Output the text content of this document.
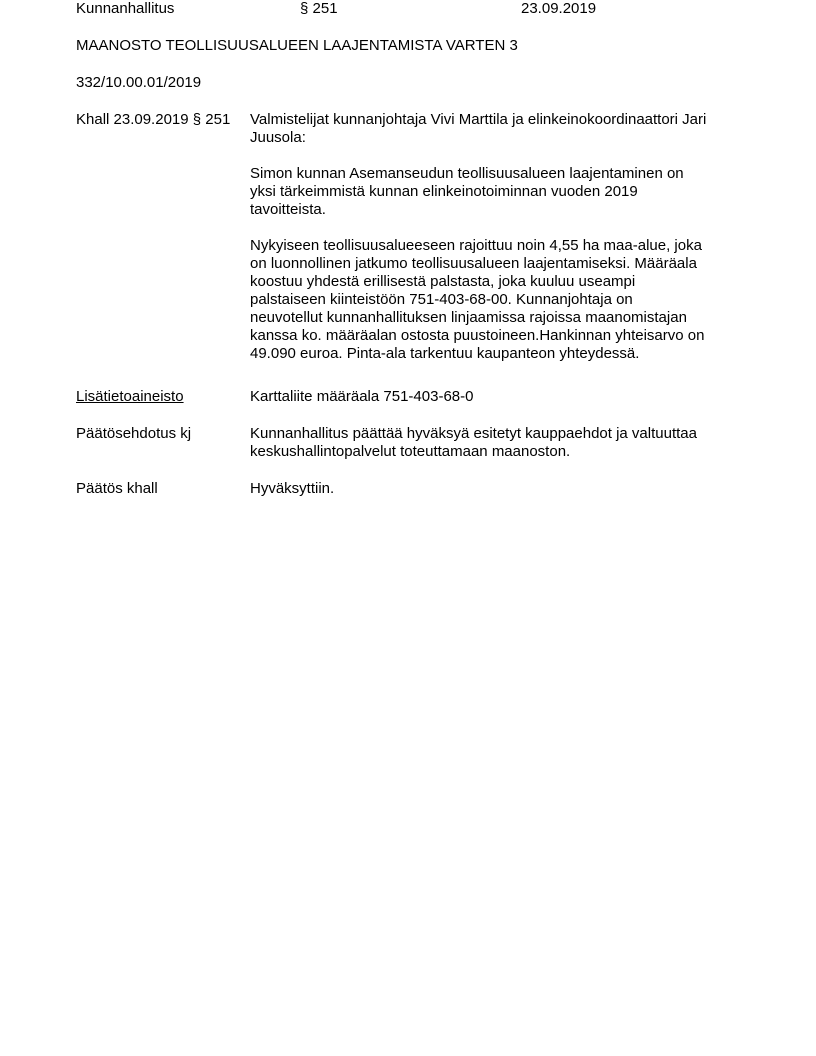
Kunnanhallitus	§ 251	23.09.2019
MAANOSTO TEOLLISUUSALUEEN LAAJENTAMISTA VARTEN 3
332/10.00.01/2019
Khall 23.09.2019 § 251	Valmistelijat kunnanjohtaja Vivi Marttila ja elinkeinokoordinaattori Jari

Juusola:

Simon kunnan Asemanseudun teollisuusalueen laajentaminen on

yksi tärkeimmistä kunnan elinkeinotoiminnan vuoden 2019

tavoitteista.

Nykyiseen teollisuusalueeseen rajoittuu noin 4,55 ha maa-alue, joka

on luonnollinen jatkumo teollisuusalueen laajentamiseksi. Määräala

koostuu yhdestä erillisestä palstasta, joka kuuluu useampi

palstaiseen kiinteistöön 751-403-68-00. Kunnanjohtaja on

neuvotellut kunnanhallituksen linjaamissa rajoissa maanomistajan

kanssa ko. määräalan ostosta puustoineen.Hankinnan yhteisarvo on

49.090 euroa. Pinta-ala tarkentuu kaupanteon yhteydessä.

Lisätietoaineisto	Karttaliite määräala 751-403-68-0
Päätösehdotus kj	Kunnanhallitus päättää hyväksyä esitetyt kauppaehdot ja valtuuttaa

keskushallintopalvelut toteuttamaan maanoston.

Päätös khall	Hyväksyttiin.
